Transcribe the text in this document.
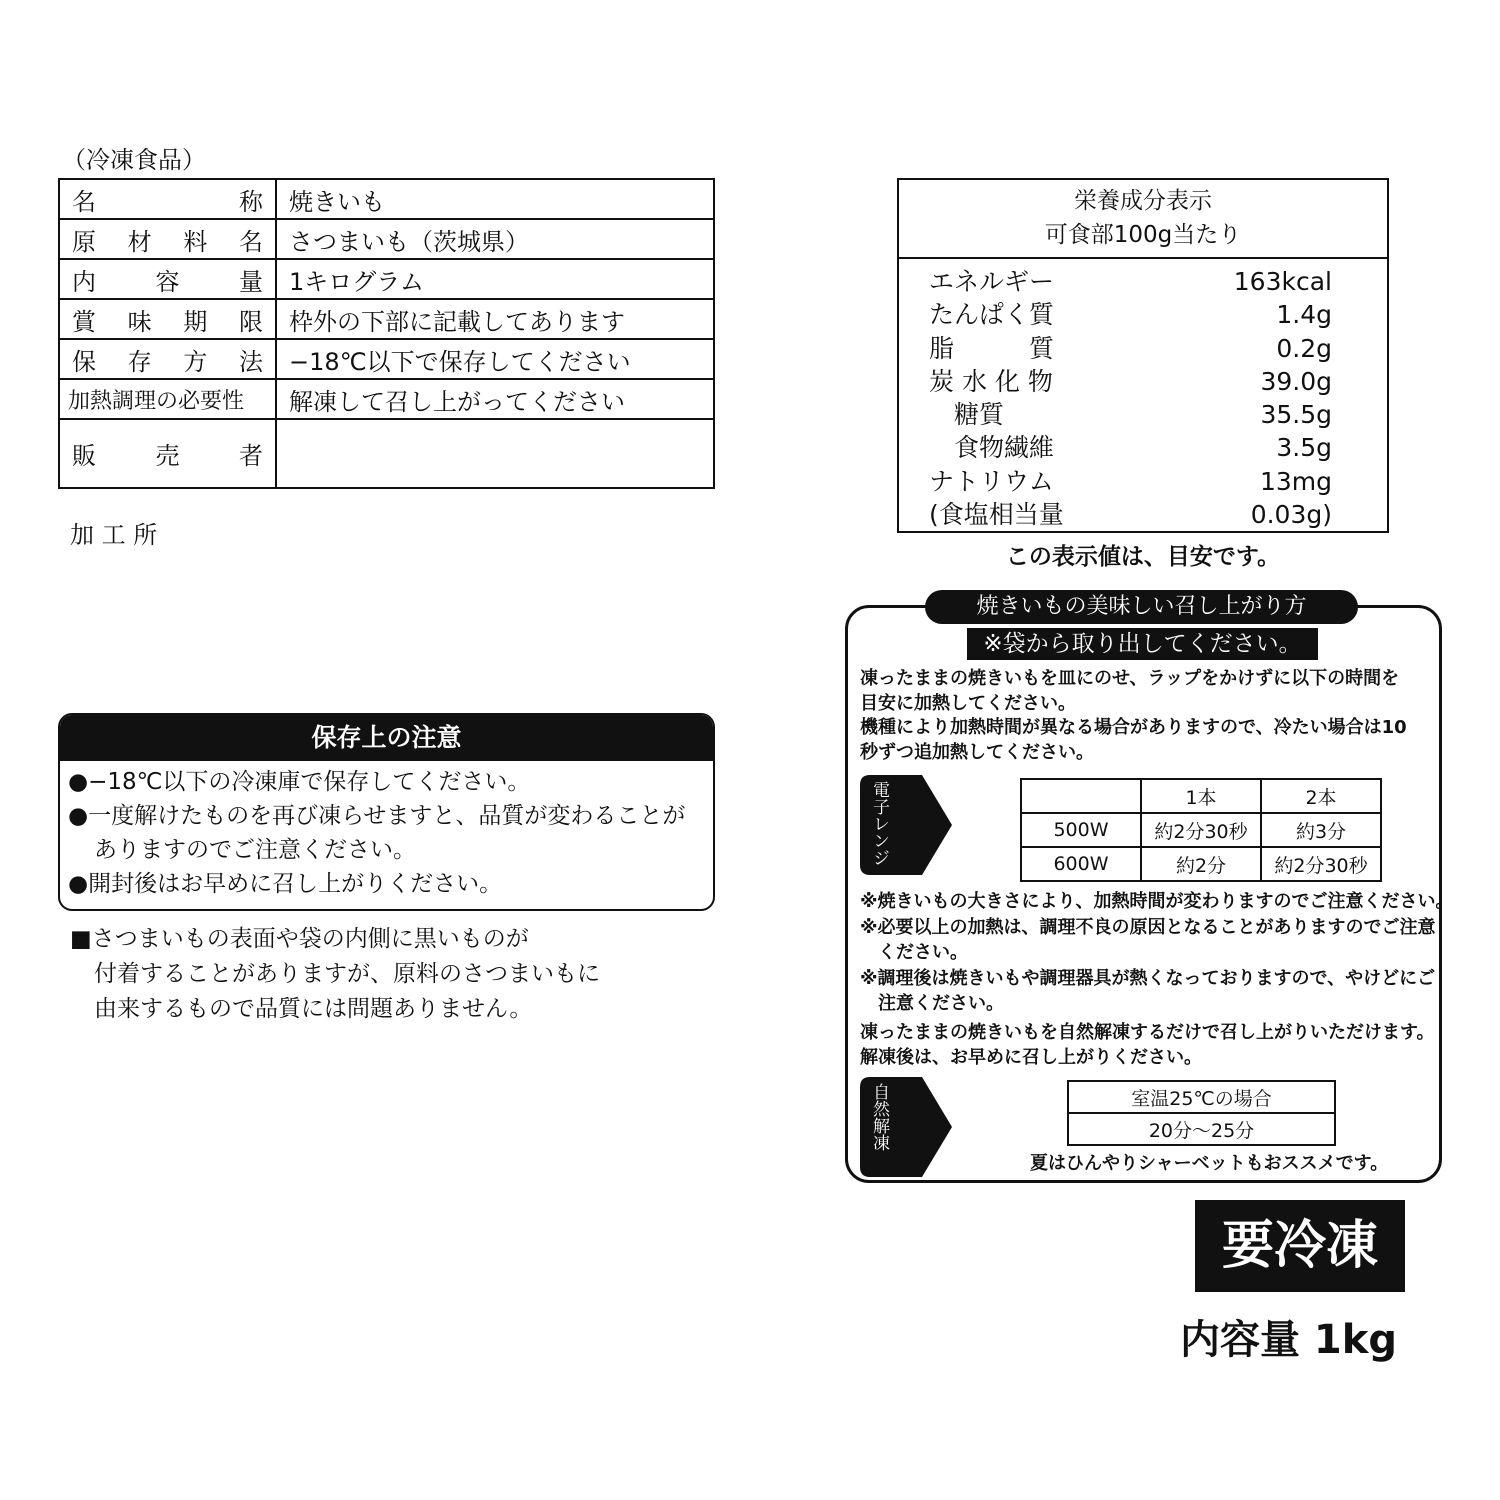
（冷凍食品）
名称	焼きいも
原材料名	さつまいも（茨城県）
内容量	1キログラム
賞味期限	枠外の下部に記載してあります
保存方法	−18℃以下で保存してください
加熱調理の必要性	解凍して召し上がってください
販売者	
加 工 所
保存上の注意
●−18℃以下の冷凍庫で保存してください。
●一度解けたものを再び凍らせますと、品質が変わることがありますのでご注意ください。
●開封後はお早めに召し上がりください。
■さつまいもの表面や袋の内側に黒いものが
付着することがありますが、原料のさつまいもに
由来するもので品質には問題ありません。
栄養成分表示
可食部100g当たり
エネルギー	163kcal
たんぱく質	1.4g
脂　　　質	0.2g
炭 水 化 物	39.0g
　糖質	35.5g
　食物繊維	3.5g
ナトリウム	13mg
(食塩相当量	0.03g)
この表示値は、目安です。
焼きいもの美味しい召し上がり方
※袋から取り出してください。
凍ったままの焼きいもを皿にのせ、ラップをかけずに以下の時間を
目安に加熱してください。
機種により加熱時間が異なる場合がありますので、冷たい場合は10
秒ずつ追加熱してください。
電子レンジ
		1本	2本
500W	約2分30秒	約3分
600W	約2分	約2分30秒
※焼きいもの大きさにより、加熱時間が変わりますのでご注意ください。
※必要以上の加熱は、調理不良の原因となることがありますのでご注意
　ください。
※調理後は焼きいもや調理器具が熱くなっておりますので、やけどにご
　注意ください。
凍ったままの焼きいもを自然解凍するだけで召し上がりいただけます。
解凍後は、お早めに召し上がりください。
自然解凍	室温25℃の場合
20分〜25分
夏はひんやりシャーベットもおススメです。
要冷凍
内容量 1kg
